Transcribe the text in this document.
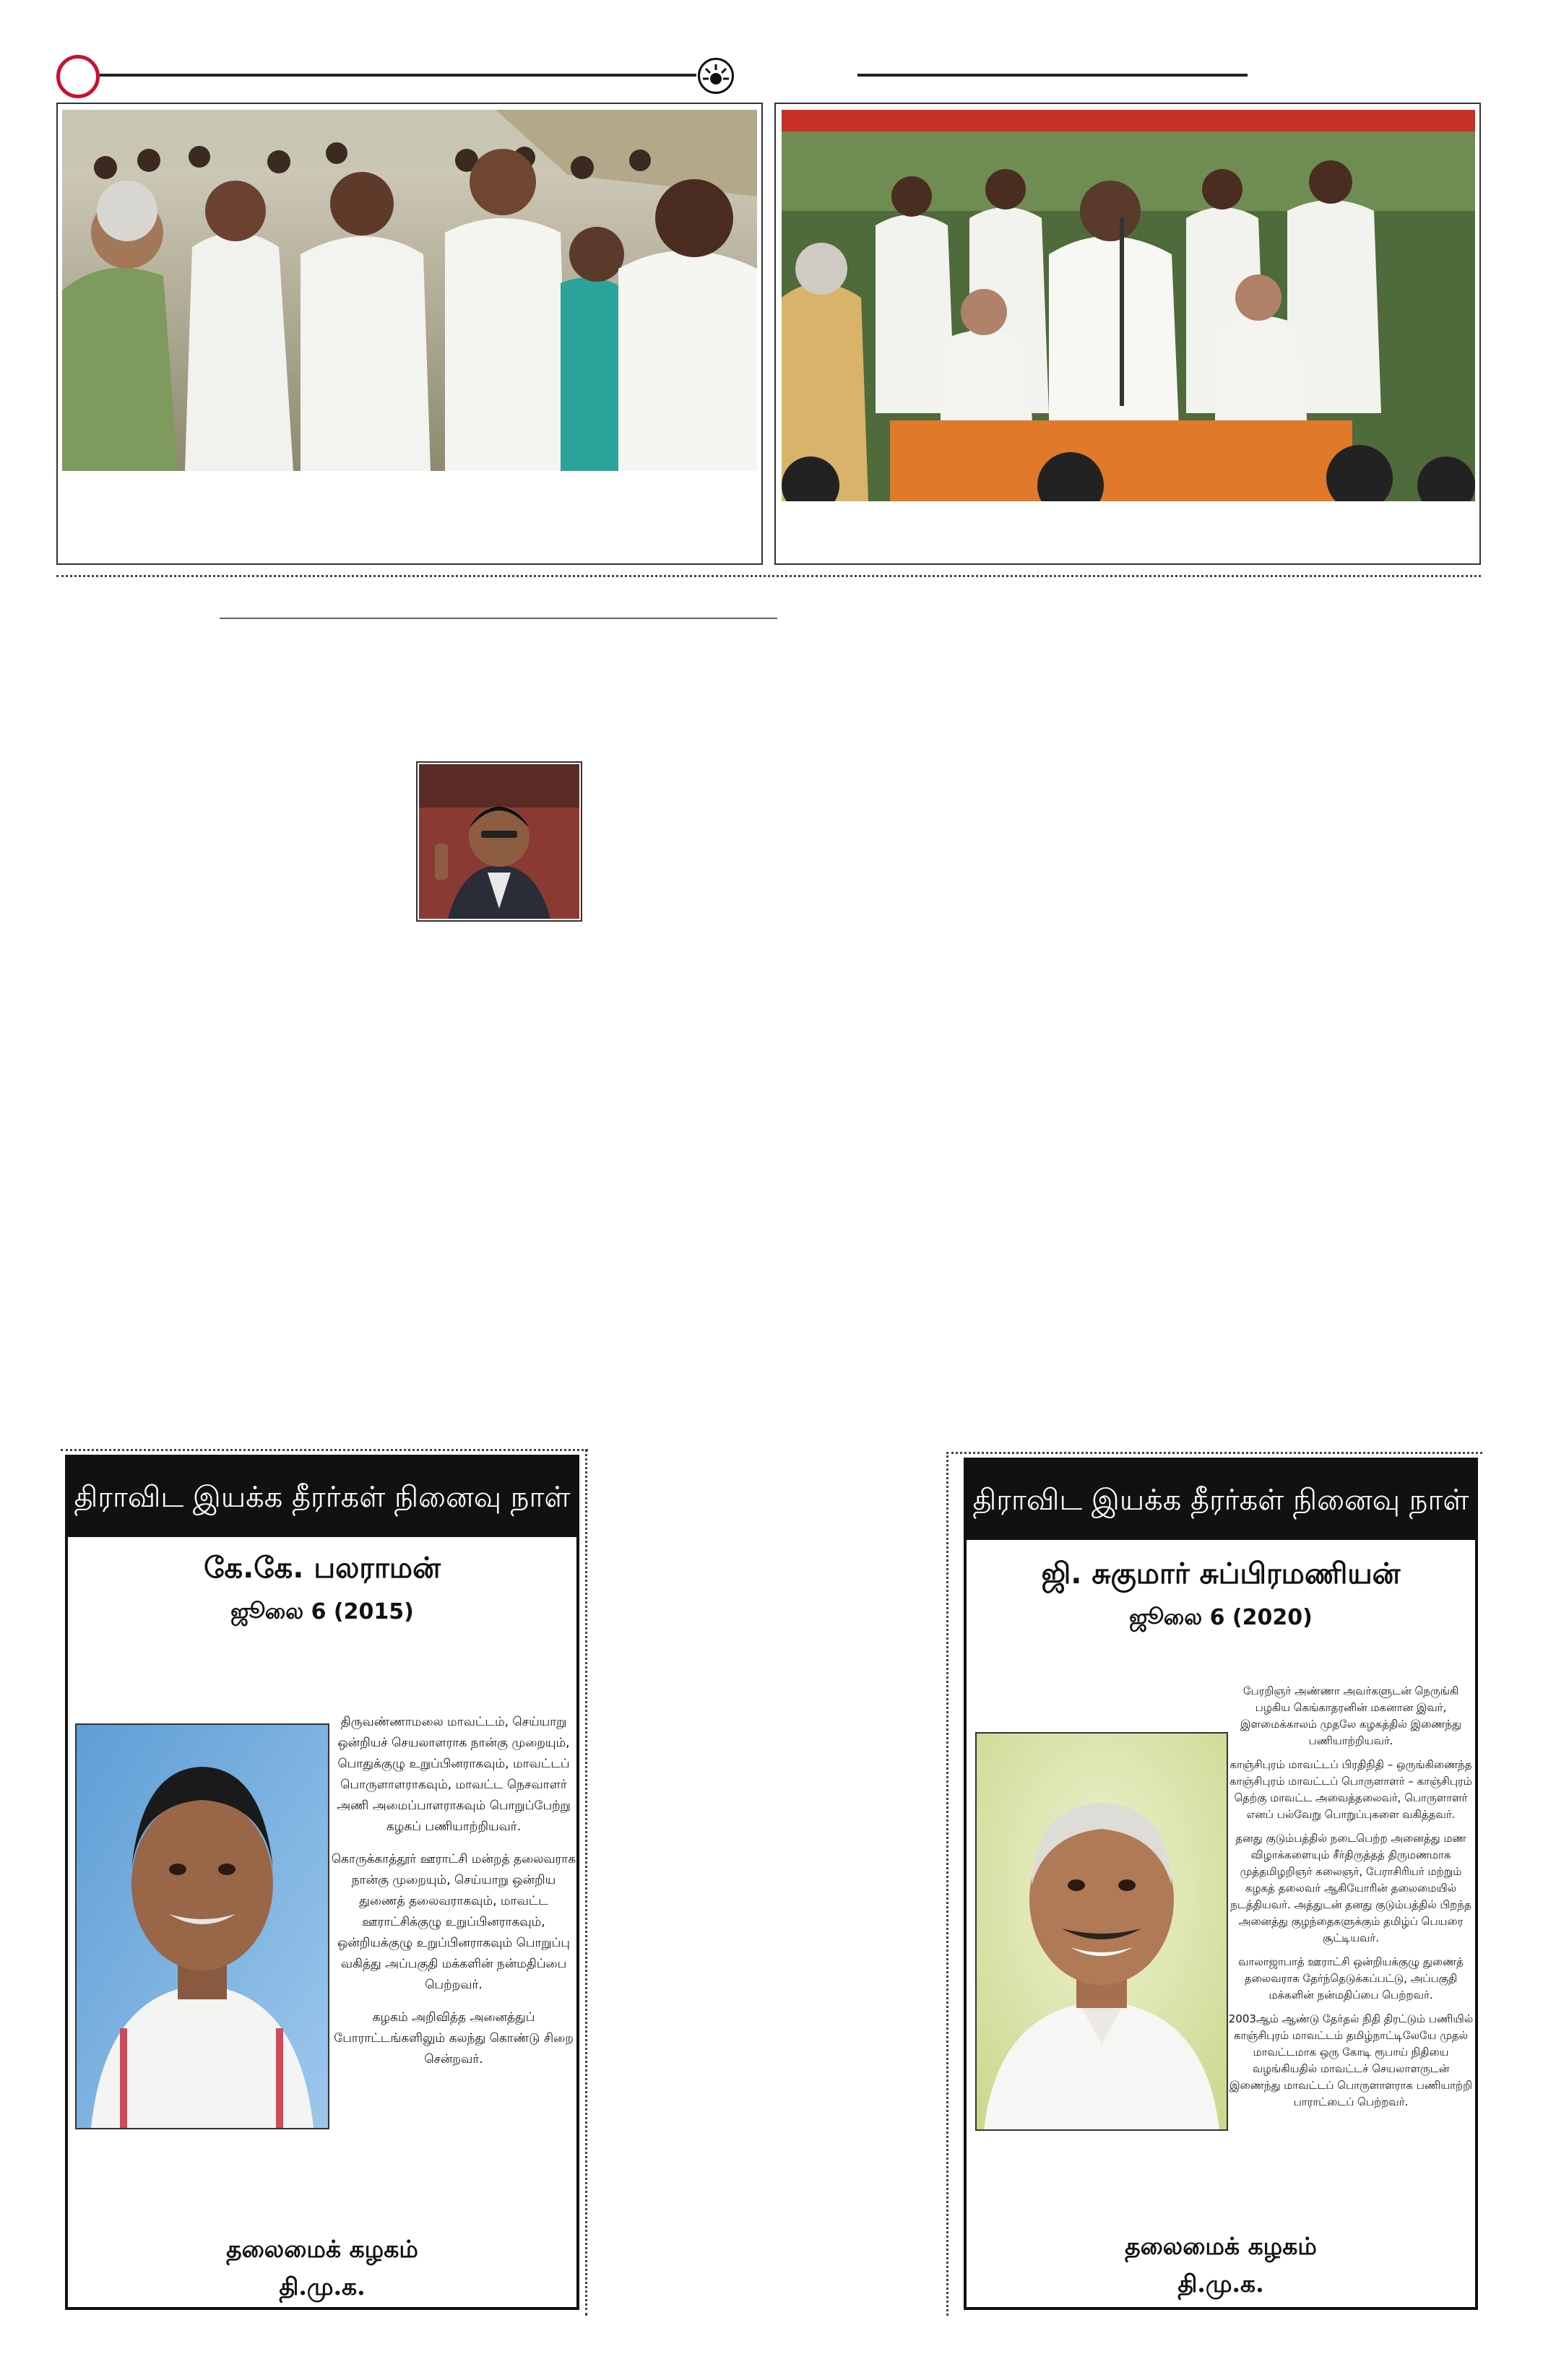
திராவிட இயக்க தீரர்கள் நினைவு நாள்
கே.கே. பலராமன்
ஜூலை 6 (2015)

திருவண்ணாமலை மாவட்டம், செய்யாறு ஒன்றியச் செயலாளராக நான்கு முறையும், பொதுக்குழு உறுப்பினராகவும், மாவட்டப் பொருளாளராகவும், மாவட்ட நெசவாளர் அணி அமைப்பாளராகவும் பொறுப்பேற்று கழகப் பணியாற்றியவர்.

கொருக்காத்தூர் ஊராட்சி மன்றத் தலைவராக நான்கு முறையும், செய்யாறு ஒன்றிய துணைத் தலைவராகவும், மாவட்ட ஊராட்சிக்குழு உறுப்பினராகவும், ஒன்றியக்குழு உறுப்பினராகவும் பொறுப்பு வகித்து அப்பகுதி மக்களின் நன்மதிப்பை பெற்றவர்.

கழகம் அறிவித்த அனைத்துப் போராட்டங்களிலும் கலந்து கொண்டு சிறை சென்றவர்.

தலைமைக் கழகம்
தி.மு.க.
திராவிட இயக்க தீரர்கள் நினைவு நாள்
ஜி. சுகுமார் சுப்பிரமணியன்
ஜூலை 6 (2020)

பேரறிஞர் அண்ணா அவர்களுடன் நெருங்கி பழகிய கெங்காதரனின் மகனான இவர், இளமைக்காலம் முதலே கழகத்தில் இணைந்து பணியாற்றியவர்.

காஞ்சிபுரம் மாவட்டப் பிரதிநிதி – ஒருங்கிணைந்த காஞ்சிபுரம் மாவட்டப் பொருளாளர் – காஞ்சிபுரம் தெற்கு மாவட்ட அவைத்தலைவர், பொருளாளர் எனப் பல்வேறு பொறுப்புகளை வகித்தவர்.

தனது குடும்பத்தில் நடைபெற்ற அனைத்து மண விழாக்களையும் சீர்திருத்தத் திருமணமாக முத்தமிழறிஞர் கலைஞர், பேராசிரியர் மற்றும் கழகத் தலைவர் ஆகியோரின் தலைமையில் நடத்தியவர். அத்துடன் தனது குடும்பத்தில் பிறந்த அனைத்து குழந்தைகளுக்கும் தமிழ்ப் பெயரை சூட்டியவர்.

வாலாஜாபாத் ஊராட்சி ஒன்றியக்குழு துணைத் தலைவராக தேர்ந்தெடுக்கப்பட்டு, அப்பகுதி மக்களின் நன்மதிப்பை பெற்றவர்.

2003ஆம் ஆண்டு தேர்தல் நிதி திரட்டும் பணியில் காஞ்சிபுரம் மாவட்டம் தமிழ்நாட்டிலேயே முதல் மாவட்டமாக ஒரு கோடி ரூபாய் நிதியை வழங்கியதில் மாவட்டச் செயலாளருடன் இணைந்து மாவட்டப் பொருளாளராக பணியாற்றி பாராட்டைப் பெற்றவர்.

தலைமைக் கழகம்
தி.மு.க.
